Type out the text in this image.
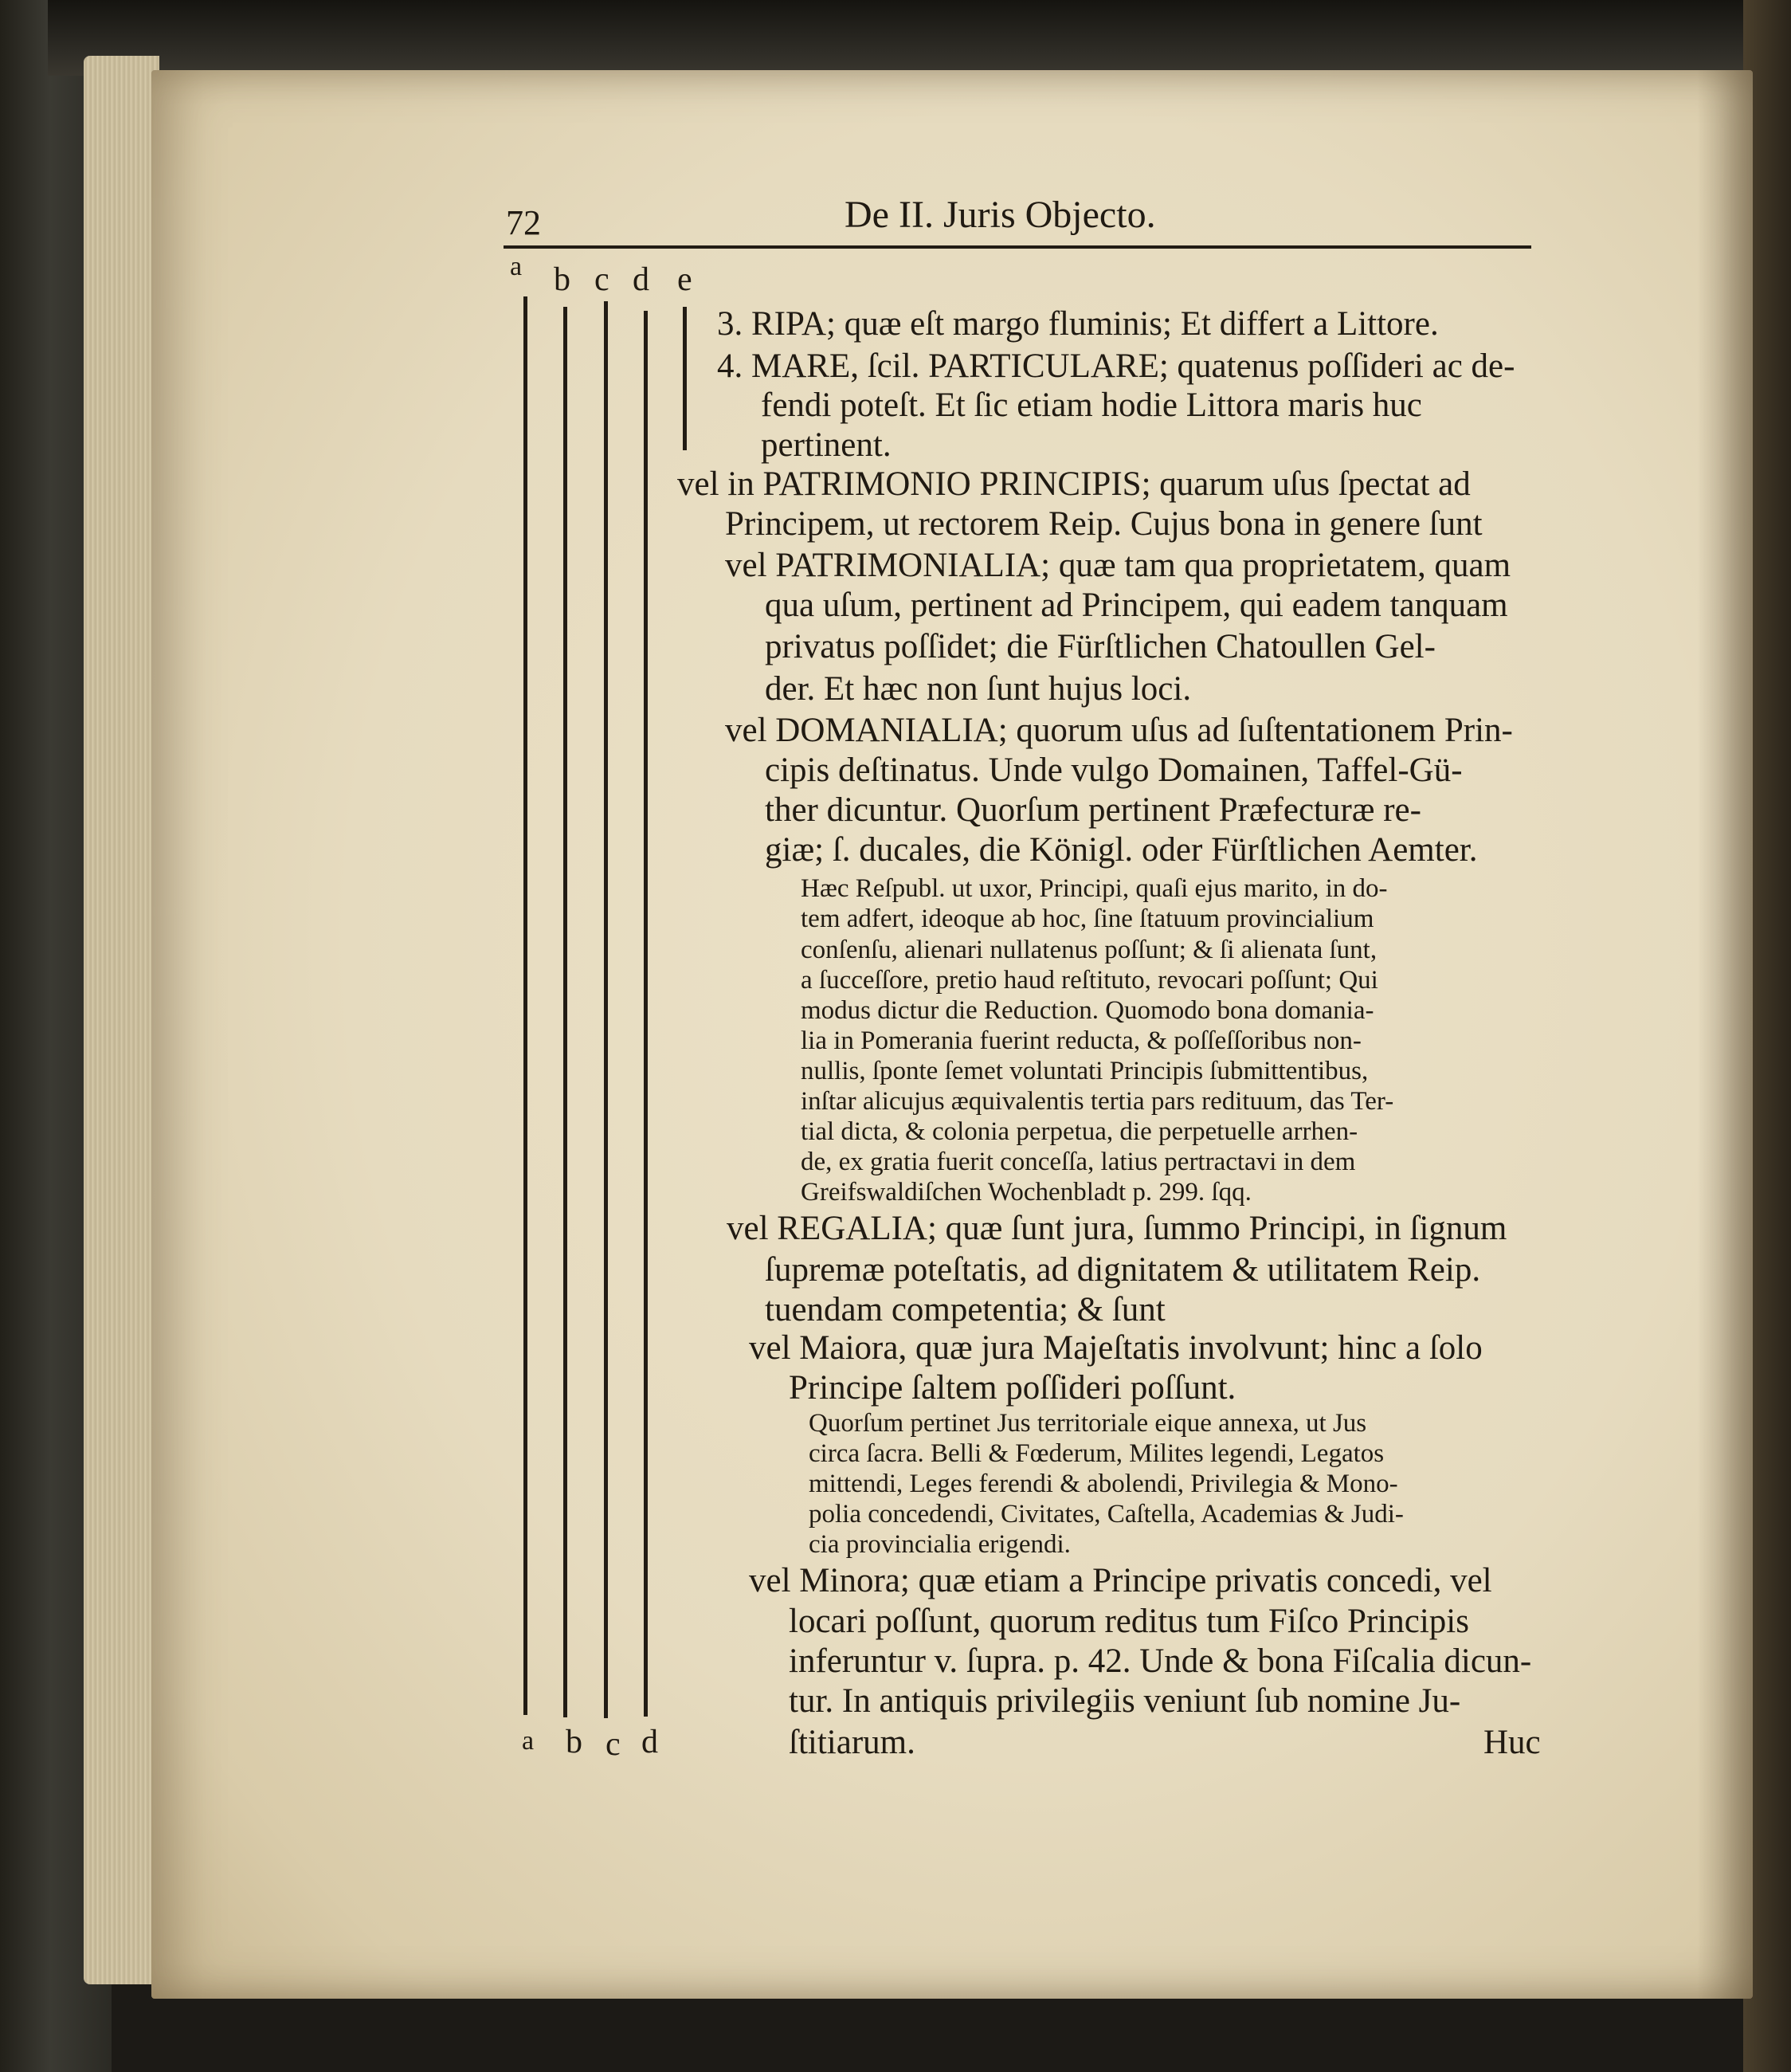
72	De II. Juris Objecto.
a b c d e
a b c d
3. RIPA; quæ eſt margo fluminis; Et differt a Littore.
4. MARE, ſcil. PARTICULARE; quatenus poſſideri ac de-
fendi poteſt. Et ſic etiam hodie Littora maris huc
pertinent.
vel in PATRIMONIO PRINCIPIS; quarum uſus ſpectat ad
Principem, ut rectorem Reip. Cujus bona in genere ſunt
vel PATRIMONIALIA; quæ tam qua proprietatem, quam
qua uſum, pertinent ad Principem, qui eadem tanquam
privatus poſſidet; die Fürſtlichen Chatoullen Gel-
der. Et hæc non ſunt hujus loci.
vel DOMANIALIA; quorum uſus ad ſuſtentationem Prin-
cipis deſtinatus. Unde vulgo Domainen, Taffel-Gü-
ther dicuntur. Quorſum pertinent Præfecturæ re-
giæ; ſ. ducales, die Königl. oder Fürſtlichen Aemter.
Hæc Reſpubl. ut uxor, Principi, quaſi ejus marito, in do-
tem adfert, ideoque ab hoc, ſine ſtatuum provincialium
conſenſu, alienari nullatenus poſſunt; & ſi alienata ſunt,
a ſucceſſore, pretio haud reſtituto, revocari poſſunt; Qui
modus dictur die Reduction. Quomodo bona domania-
lia in Pomerania fuerint reducta, & poſſeſſoribus non-
nullis, ſponte ſemet voluntati Principis ſubmittentibus,
inſtar alicujus æquivalentis tertia pars redituum, das Ter-
tial dicta, & colonia perpetua, die perpetuelle arrhen-
de, ex gratia fuerit conceſſa, latius pertractavi in dem
Greifswaldiſchen Wochenbladt p. 299. ſqq.
vel REGALIA; quæ ſunt jura, ſummo Principi, in ſignum
ſupremæ poteſtatis, ad dignitatem & utilitatem Reip.
tuendam competentia; & ſunt
vel Maiora, quæ jura Majeſtatis involvunt; hinc a ſolo
Principe ſaltem poſſideri poſſunt.
Quorſum pertinet Jus territoriale eique annexa, ut Jus
circa ſacra. Belli & Fœderum, Milites legendi, Legatos
mittendi, Leges ferendi & abolendi, Privilegia & Mono-
polia concedendi, Civitates, Caſtella, Academias & Judi-
cia provincialia erigendi.
vel Minora; quæ etiam a Principe privatis concedi, vel
locari poſſunt, quorum reditus tum Fiſco Principis
inferuntur v. ſupra. p. 42. Unde & bona Fiſcalia dicun-
tur. In antiquis privilegiis veniunt ſub nomine Ju-
ſtitiarum.	Huc
